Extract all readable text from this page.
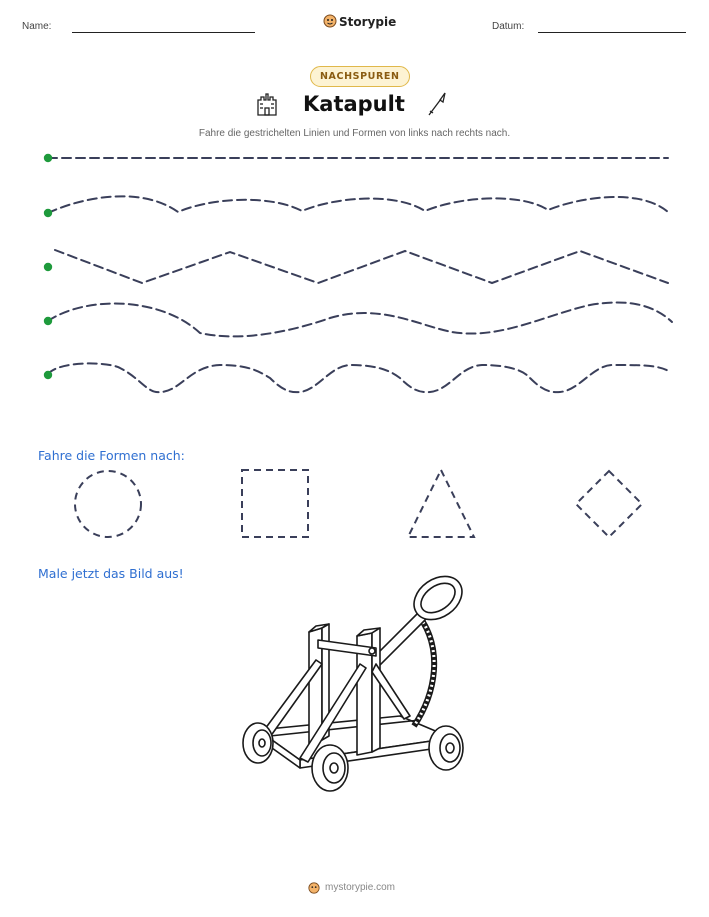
Name:	Storypie	Datum:
NACHSPUREN
Katapult
Fahre die gestrichelten Linien und Formen von links nach rechts nach.
Fahre die Formen nach:
Male jetzt das Bild aus!
mystorypie.com
